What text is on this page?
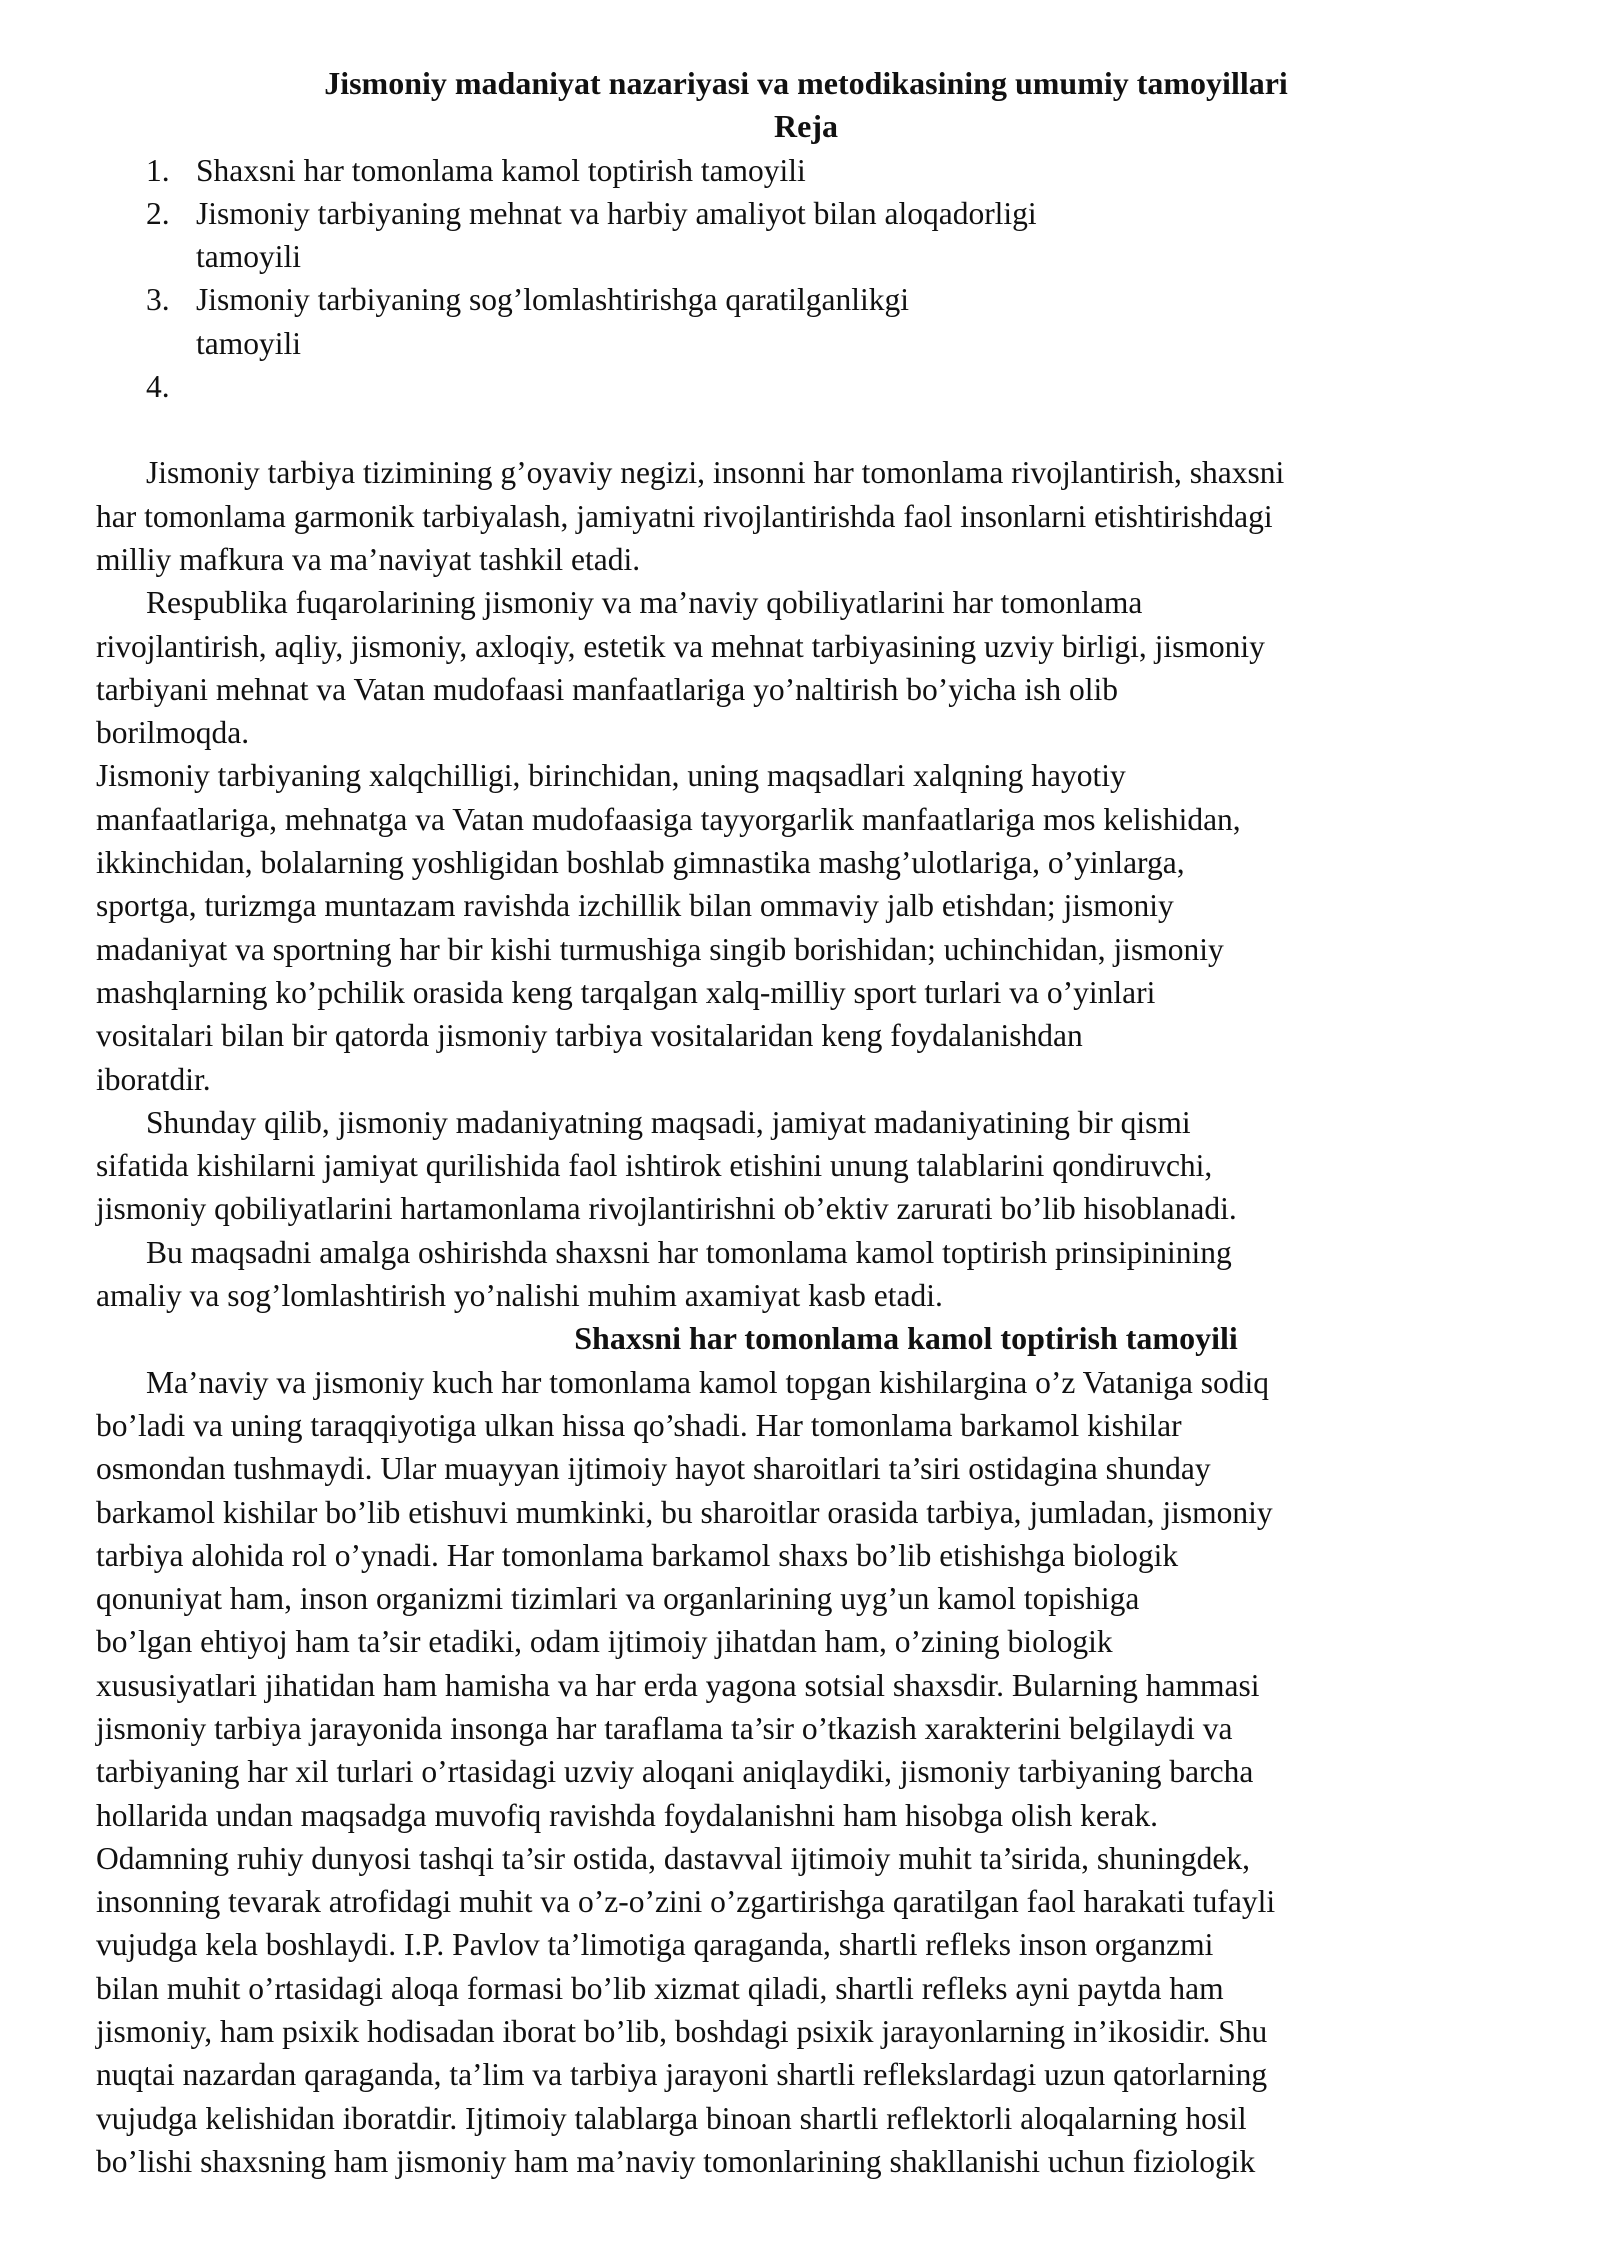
Jismoniy madaniyat nazariyasi va metodikasining umumiy tamoyillari

Reja

1. Shaxsni har tomonlama kamol toptirish tamoyili
2. Jismoniy tarbiyaning mehnat va harbiy amaliyot bilan aloqadorligi
tamoyili
3. Jismoniy tarbiyaning sog’lomlashtirishga qaratilganlikgi
tamoyili
4.

Jismoniy tarbiya tizimining g’oyaviy negizi, insonni har tomonlama rivojlantirish, shaxsni
har tomonlama garmonik tarbiyalash, jamiyatni rivojlantirishda faol insonlarni etishtirishdagi
milliy mafkura va ma’naviyat tashkil etadi.

Respublika fuqarolarining jismoniy va ma’naviy qobiliyatlarini har tomonlama
rivojlantirish, aqliy, jismoniy, axloqiy, estetik va mehnat tarbiyasining uzviy birligi, jismoniy
tarbiyani mehnat va Vatan mudofaasi manfaatlariga yo’naltirish bo’yicha ish olib
borilmoqda.

Jismoniy tarbiyaning xalqchilligi, birinchidan, uning maqsadlari xalqning hayotiy
manfaatlariga, mehnatga va Vatan mudofaasiga tayyorgarlik manfaatlariga mos kelishidan,
ikkinchidan, bolalarning yoshligidan boshlab gimnastika mashg’ulotlariga, o’yinlarga,
sportga, turizmga muntazam ravishda izchillik bilan ommaviy jalb etishdan; jismoniy
madaniyat va sportning har bir kishi turmushiga singib borishidan; uchinchidan, jismoniy
mashqlarning ko’pchilik orasida keng tarqalgan xalq-milliy sport turlari va o’yinlari
vositalari bilan bir qatorda jismoniy tarbiya vositalaridan keng foydalanishdan
iboratdir.

Shunday qilib, jismoniy madaniyatning maqsadi, jamiyat madaniyatining bir qismi
sifatida kishilarni jamiyat qurilishida faol ishtirok etishini unung talablarini qondiruvchi,
jismoniy qobiliyatlarini hartamonlama rivojlantirishni ob’ektiv zarurati bo’lib hisoblanadi.

Bu maqsadni amalga oshirishda shaxsni har tomonlama kamol toptirish prinsipinining
amaliy va sog’lomlashtirish yo’nalishi muhim axamiyat kasb etadi.

Shaxsni har tomonlama kamol toptirish tamoyili

Ma’naviy va jismoniy kuch har tomonlama kamol topgan kishilargina o’z Vataniga sodiq
bo’ladi va uning taraqqiyotiga ulkan hissa qo’shadi. Har tomonlama barkamol kishilar
osmondan tushmaydi. Ular muayyan ijtimoiy hayot sharoitlari ta’siri ostidagina shunday
barkamol kishilar bo’lib etishuvi mumkinki, bu sharoitlar orasida tarbiya, jumladan, jismoniy
tarbiya alohida rol o’ynadi. Har tomonlama barkamol shaxs bo’lib etishishga biologik
qonuniyat ham, inson organizmi tizimlari va organlarining uyg’un kamol topishiga
bo’lgan ehtiyoj ham ta’sir etadiki, odam ijtimoiy jihatdan ham, o’zining biologik
xususiyatlari jihatidan ham hamisha va har erda yagona sotsial shaxsdir. Bularning hammasi
jismoniy tarbiya jarayonida insonga har taraflama ta’sir o’tkazish xarakterini belgilaydi va
tarbiyaning har xil turlari o’rtasidagi uzviy aloqani aniqlaydiki, jismoniy tarbiyaning barcha
hollarida undan maqsadga muvofiq ravishda foydalanishni ham hisobga olish kerak.
Odamning ruhiy dunyosi tashqi ta’sir ostida, dastavval ijtimoiy muhit ta’sirida, shuningdek,
insonning tevarak atrofidagi muhit va o’z-o’zini o’zgartirishga qaratilgan faol harakati tufayli
vujudga kela boshlaydi. I.P. Pavlov ta’limotiga qaraganda, shartli refleks inson organzmi
bilan muhit o’rtasidagi aloqa formasi bo’lib xizmat qiladi, shartli refleks ayni paytda ham
jismoniy, ham psixik hodisadan iborat bo’lib, boshdagi psixik jarayonlarning in’ikosidir. Shu
nuqtai nazardan qaraganda, ta’lim va tarbiya jarayoni shartli reflekslardagi uzun qatorlarning
vujudga kelishidan iboratdir. Ijtimoiy talablarga binoan shartli reflektorli aloqalarning hosil
bo’lishi shaxsning ham jismoniy ham ma’naviy tomonlarining shakllanishi uchun fiziologik
